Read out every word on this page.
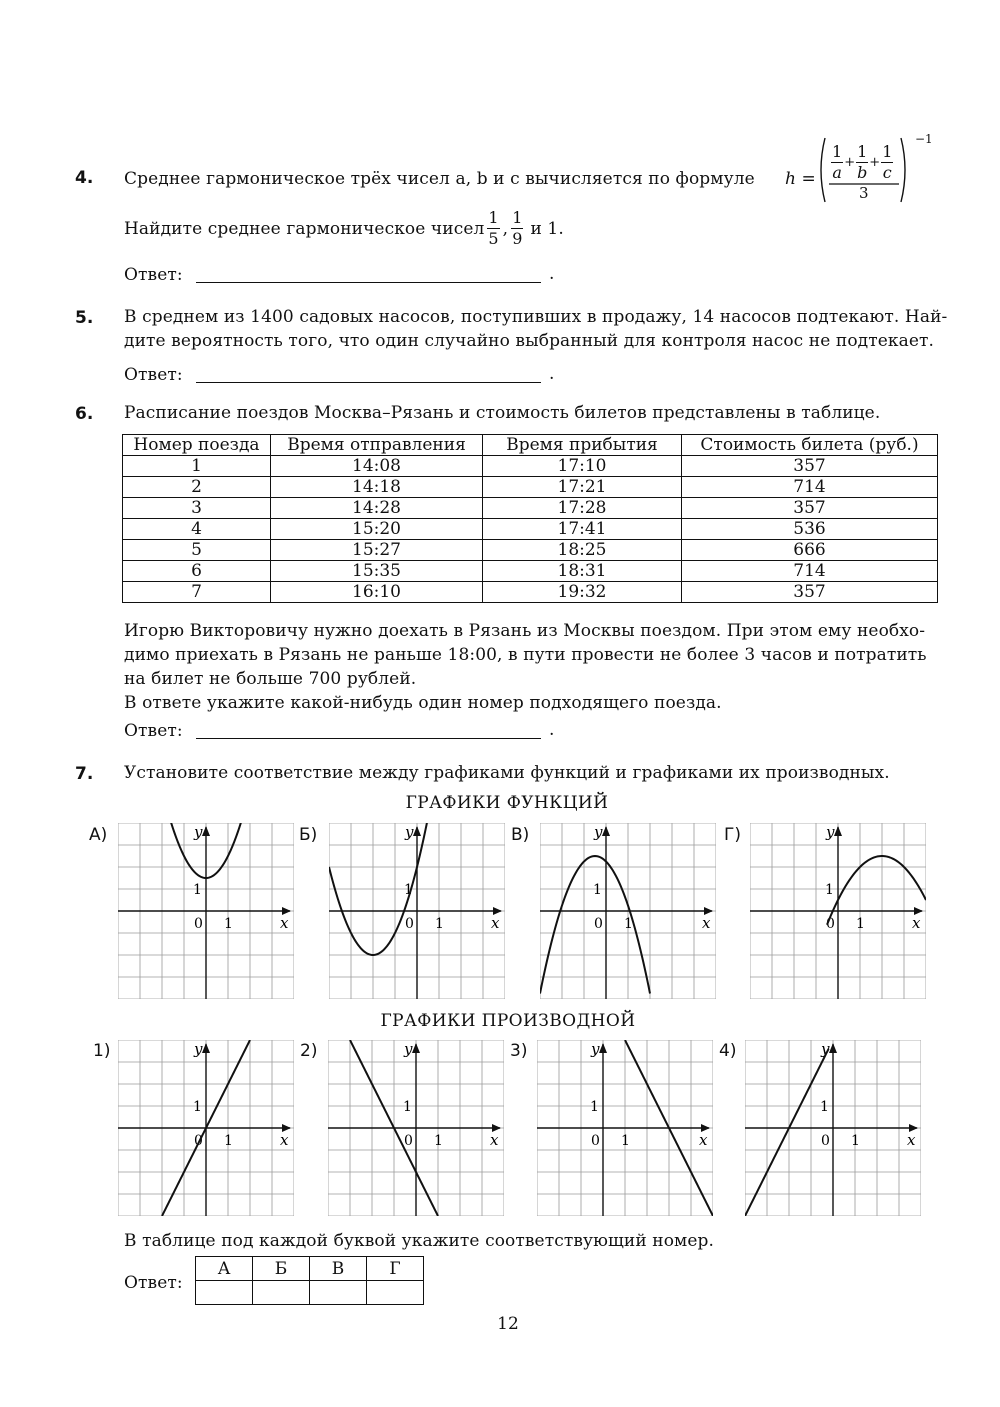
4. Среднее гармоническое трёх чисел a, b и c вычисляется по формуле $h = \frac{1}{a} + \frac{1}{b} + \frac{1}{c}$
3
−1
Найдите среднее гармоническое чисел $\frac{1}{5}$ , $\frac{1}{9}$ и 1.
Ответ:	.
5. В среднем из 1400 садовых насосов, поступивших в продажу, 14 насосов подтекают. Най-
дите вероятность того, что один случайно выбранный для контроля насос не подтекает.
Ответ:	.
6. Расписание поездов Москва–Рязань и стоимость билетов представлены в таблице.
Номер поезда	Время отправления	Время прибытия	Стоимость билета (руб.)
1	14:08	17:10	357
2	14:18	17:21	714
3	14:28	17:28	357
4	15:20	17:41	536
5	15:27	18:25	666
6	15:35	18:31	714
7	16:10	19:32	357
Игорю Викторовичу нужно доехать в Рязань из Москвы поездом. При этом ему необхо-
димо приехать в Рязань не раньше 18:00, в пути провести не более 3 часов и потратить
на билет не больше 700 рублей.
В ответе укажите какой-нибудь один номер подходящего поезда.
Ответ:	.
7. Установите соответствие между графиками функций и графиками их производных.
ГРАФИКИ ФУНКЦИЙ
А)	Б)	В)	Г)
x
y
0 1
1
x
y
0 1
1
x
y
0 1
1
x
y
0 1
1
ГРАФИКИ ПРОИЗВОДНОЙ
1)	2)	3)	4)
x
y
0 1
1
x
y
0 1
1
x
y
0 1
1
x
y
0 1
1
В таблице под каждой буквой укажите соответствующий номер.
Ответ:
А	Б	В	Г

12
